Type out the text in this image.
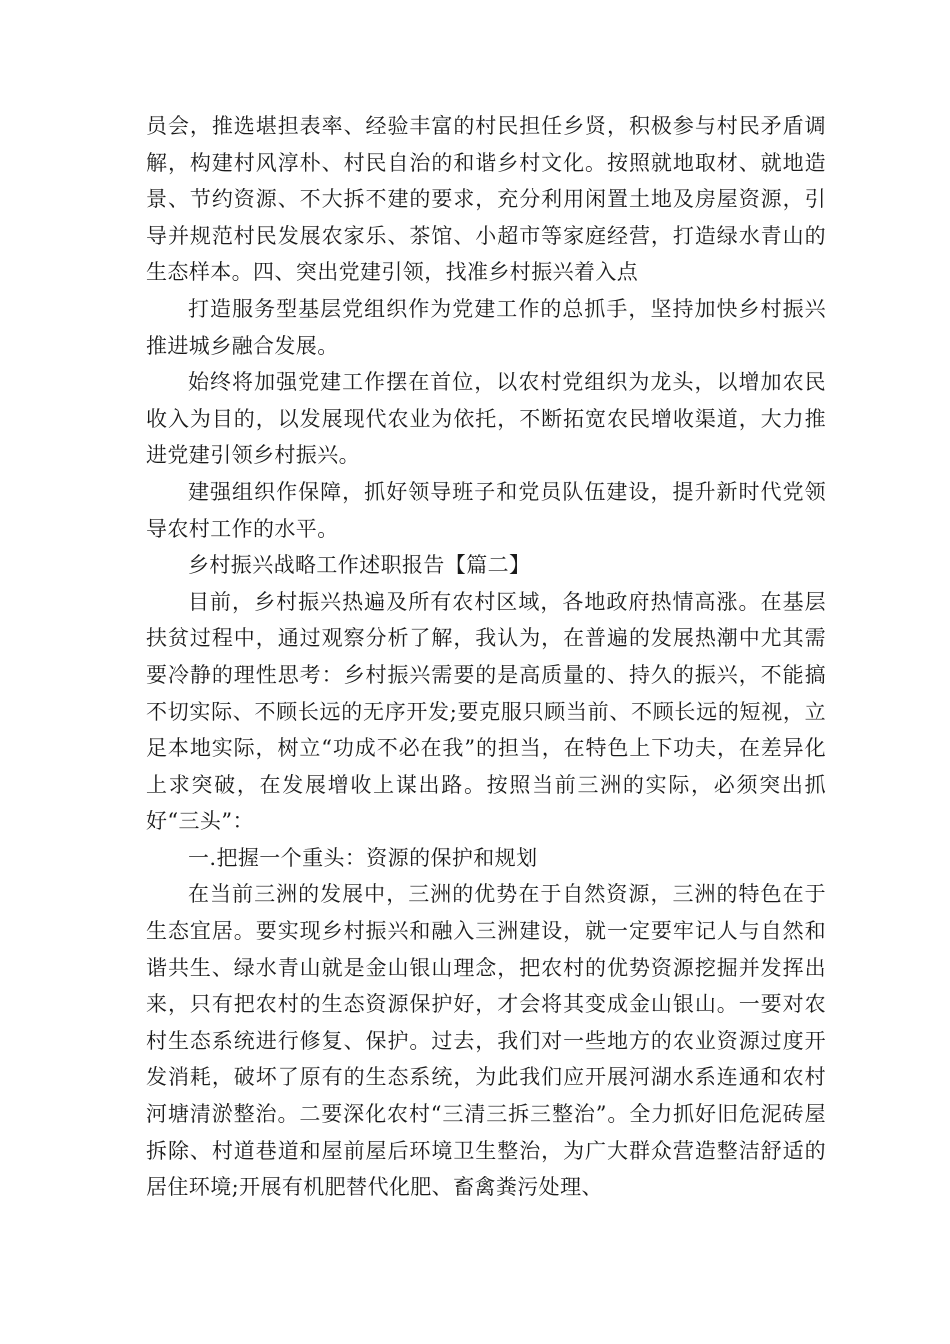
员会，推选堪担表率、经验丰富的村民担任乡贤，积极参与村民矛盾调解，构建村风淳朴、村民自治的和谐乡村文化。按照就地取材、就地造景、节约资源、不大拆不建的要求，充分利用闲置土地及房屋资源，引导并规范村民发展农家乐、茶馆、小超市等家庭经营，打造绿水青山的生态样本。四、突出党建引领，找准乡村振兴着入点

打造服务型基层党组织作为党建工作的总抓手，坚持加快乡村振兴推进城乡融合发展。

始终将加强党建工作摆在首位，以农村党组织为龙头，以增加农民收入为目的，以发展现代农业为依托，不断拓宽农民增收渠道，大力推进党建引领乡村振兴。

建强组织作保障，抓好领导班子和党员队伍建设，提升新时代党领导农村工作的水平。

乡村振兴战略工作述职报告【篇二】

目前，乡村振兴热遍及所有农村区域，各地政府热情高涨。在基层扶贫过程中，通过观察分析了解，我认为，在普遍的发展热潮中尤其需要冷静的理性思考：乡村振兴需要的是高质量的、持久的振兴，不能搞不切实际、不顾长远的无序开发;要克服只顾当前、不顾长远的短视，立足本地实际，树立“功成不必在我”的担当，在特色上下功夫，在差异化上求突破，在发展增收上谋出路。按照当前三洲的实际，必须突出抓好“三头”：

一.把握一个重头：资源的保护和规划

在当前三洲的发展中，三洲的优势在于自然资源，三洲的特色在于生态宜居。要实现乡村振兴和融入三洲建设，就一定要牢记人与自然和谐共生、绿水青山就是金山银山理念，把农村的优势资源挖掘并发挥出来，只有把农村的生态资源保护好，才会将其变成金山银山。一要对农村生态系统进行修复、保护。过去，我们对一些地方的农业资源过度开发消耗，破坏了原有的生态系统，为此我们应开展河湖水系连通和农村河塘清淤整治。二要深化农村“三清三拆三整治”。全力抓好旧危泥砖屋拆除、村道巷道和屋前屋后环境卫生整治，为广大群众营造整洁舒适的居住环境;开展有机肥替代化肥、畜禽粪污处理、
